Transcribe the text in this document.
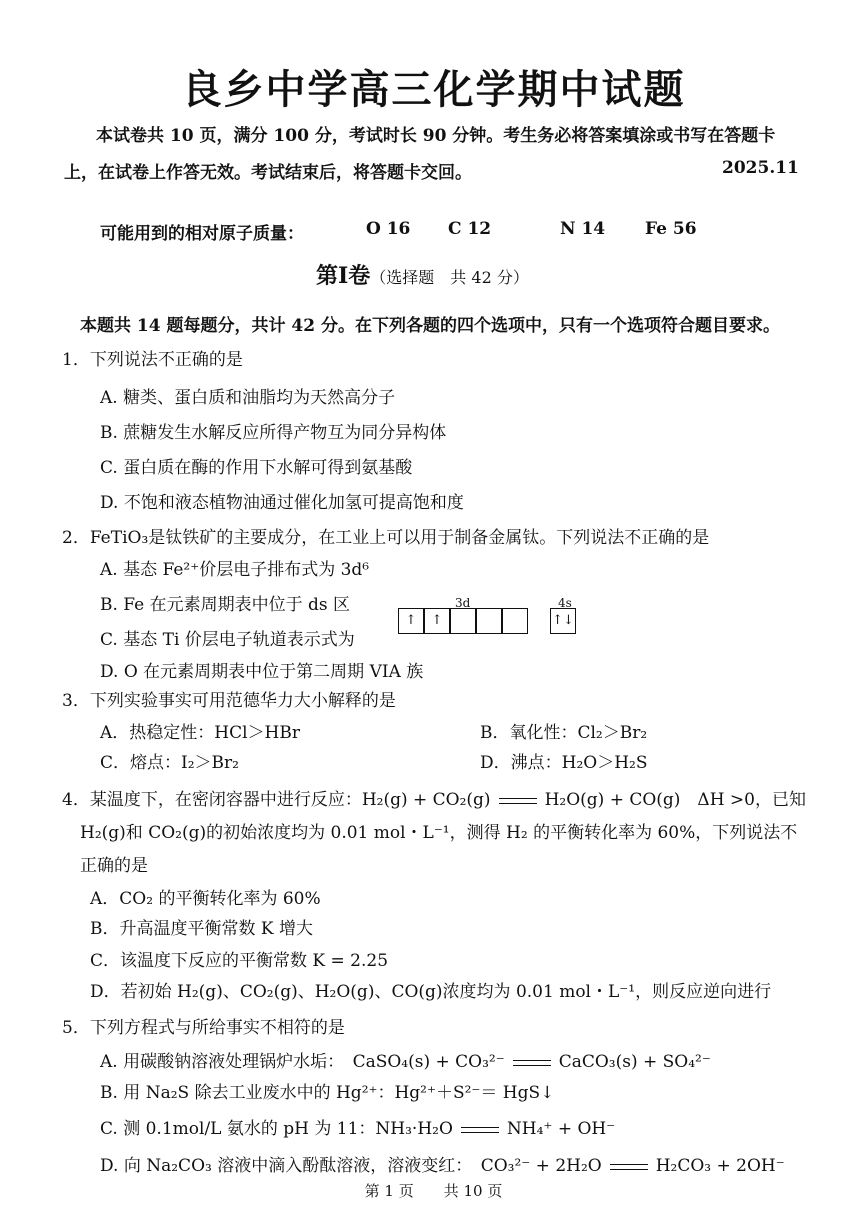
良乡中学高三化学期中试题
本试卷共 10 页，满分 100 分，考试时长 90 分钟。考生务必将答案填涂或书写在答题卡
上，在试卷上作答无效。考试结束后，将答题卡交回。	2025.11
可能用到的相对原子质量：	O 16 C 12	N 14 Fe 56
第Ⅰ卷（选择题　共 42 分）
本题共 14 题每题分，共计 42 分。在下列各题的四个选项中，只有一个选项符合题目要求。
1．下列说法不正确的是
A. 糖类、蛋白质和油脂均为天然高分子
B. 蔗糖发生水解反应所得产物互为同分异构体
C. 蛋白质在酶的作用下水解可得到氨基酸
D. 不饱和液态植物油通过催化加氢可提高饱和度
2．FeTiO₃是钛铁矿的主要成分，在工业上可以用于制备金属钛。下列说法不正确的是
A. 基态 Fe²⁺价层电子排布式为 3d⁶
B. Fe 在元素周期表中位于 ds 区
C. 基态 Ti 价层电子轨道表示式为
D. O 在元素周期表中位于第二周期 VIA 族
3d	4s
↑ ↑	↑↓
3．下列实验事实可用范德华力大小解释的是
A．热稳定性：HCl＞HBr	B．氧化性：Cl₂＞Br₂
C．熔点：I₂＞Br₂	D．沸点：H₂O＞H₂S
4．某温度下，在密闭容器中进行反应：H₂(g) + CO₂(g)	H₂O(g) + CO(g)　ΔH >0，已知
H₂(g)和 CO₂(g)的初始浓度均为 0.01 mol・L⁻¹，测得 H₂ 的平衡转化率为 60%，下列说法不
正确的是
A．CO₂ 的平衡转化率为 60%
B．升高温度平衡常数 K 增大
C．该温度下反应的平衡常数 K = 2.25
D．若初始 H₂(g)、CO₂(g)、H₂O(g)、CO(g)浓度均为 0.01 mol・L⁻¹，则反应逆向进行
5．下列方程式与所给事实不相符的是
A. 用碳酸钠溶液处理锅炉水垢：　CaSO₄(s) + CO₃²⁻	CaCO₃(s) + SO₄²⁻
B. 用 Na₂S 除去工业废水中的 Hg²⁺：Hg²⁺＋S²⁻＝ HgS↓
C. 测 0.1mol/L 氨水的 pH 为 11：NH₃·H₂O	NH₄⁺ + OH⁻
D. 向 Na₂CO₃ 溶液中滴入酚酞溶液，溶液变红：　CO₃²⁻ + 2H₂O	H₂CO₃ + 2OH⁻
第 1 页　　共 10 页
